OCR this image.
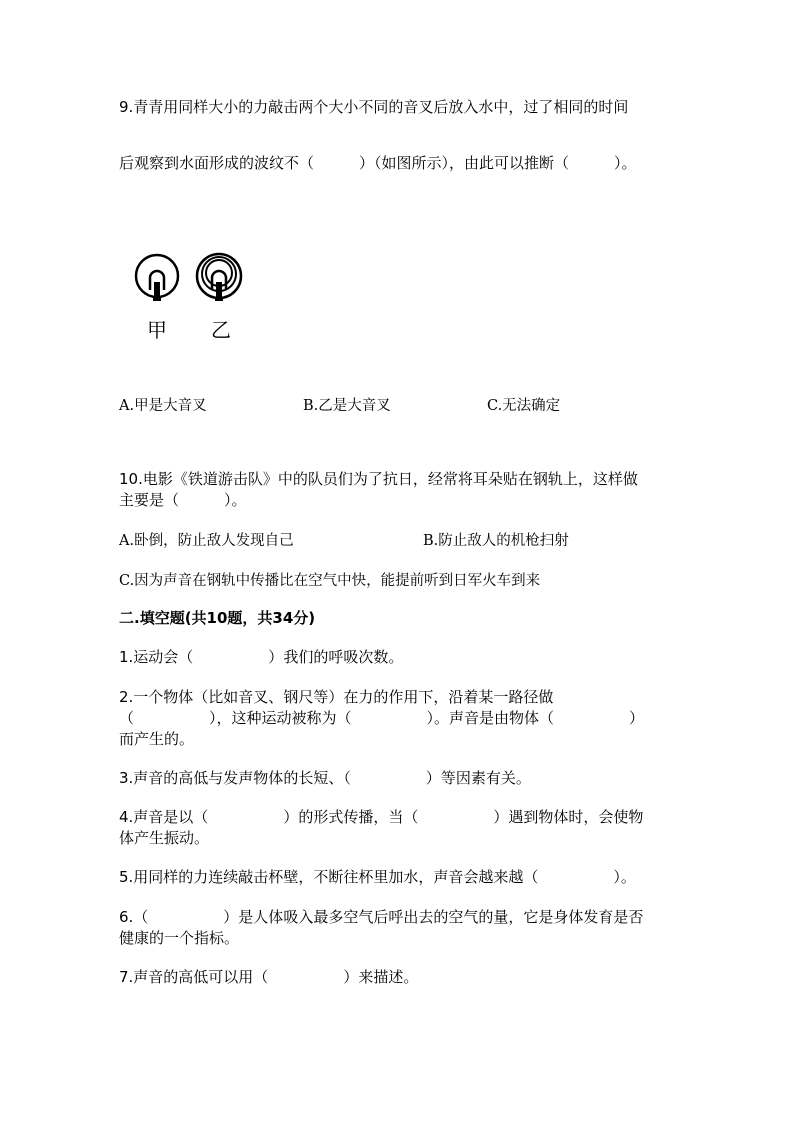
9.青青用同样大小的力敲击两个大小不同的音叉后放入水中，过了相同的时间
后观察到水面形成的波纹不（　　　）（如图所示），由此可以推断（　　　）。
甲 乙
A.甲是大音叉	B.乙是大音叉	C.无法确定
10.电影《铁道游击队》中的队员们为了抗日，经常将耳朵贴在钢轨上，这样做
主要是（　　　）。
A.卧倒，防止敌人发现自己	B.防止敌人的机枪扫射
C.因为声音在钢轨中传播比在空气中快，能提前听到日军火车到来
二.填空题(共10题，共34分)
1.运动会（　　　　　）我们的呼吸次数。
2.一个物体（比如音叉、钢尺等）在力的作用下，沿着某一路径做
（　　　　　），这种运动被称为（　　　　　）。声音是由物体（　　　　　）
而产生的。
3.声音的高低与发声物体的长短、（　　　　　）等因素有关。
4.声音是以（　　　　　）的形式传播，当（　　　　　）遇到物体时，会使物
体产生振动。
5.用同样的力连续敲击杯壁，不断往杯里加水，声音会越来越（　　　　　）。
6.（　　　　　）是人体吸入最多空气后呼出去的空气的量，它是身体发育是否
健康的一个指标。
7.声音的高低可以用（　　　　　）来描述。
